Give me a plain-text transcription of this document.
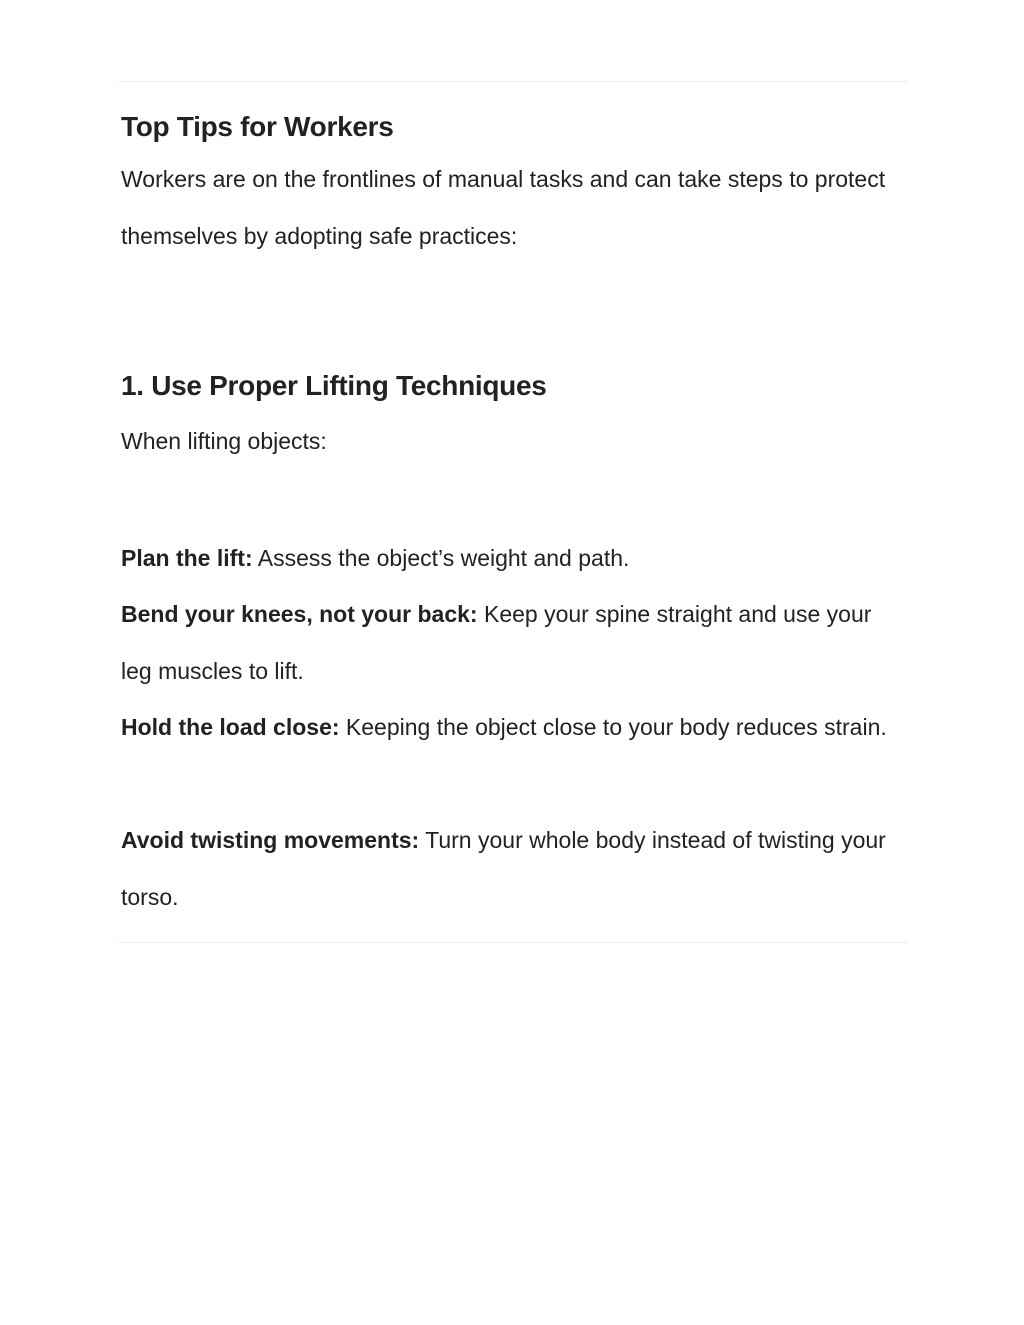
Top Tips for Workers
Workers are on the frontlines of manual tasks and can take steps to protect themselves by adopting safe practices:
1. Use Proper Lifting Techniques
When lifting objects:
Plan the lift: Assess the object’s weight and path.
Bend your knees, not your back: Keep your spine straight and use your leg muscles to lift.
Hold the load close: Keeping the object close to your body reduces strain.
Avoid twisting movements: Turn your whole body instead of twisting your torso.
